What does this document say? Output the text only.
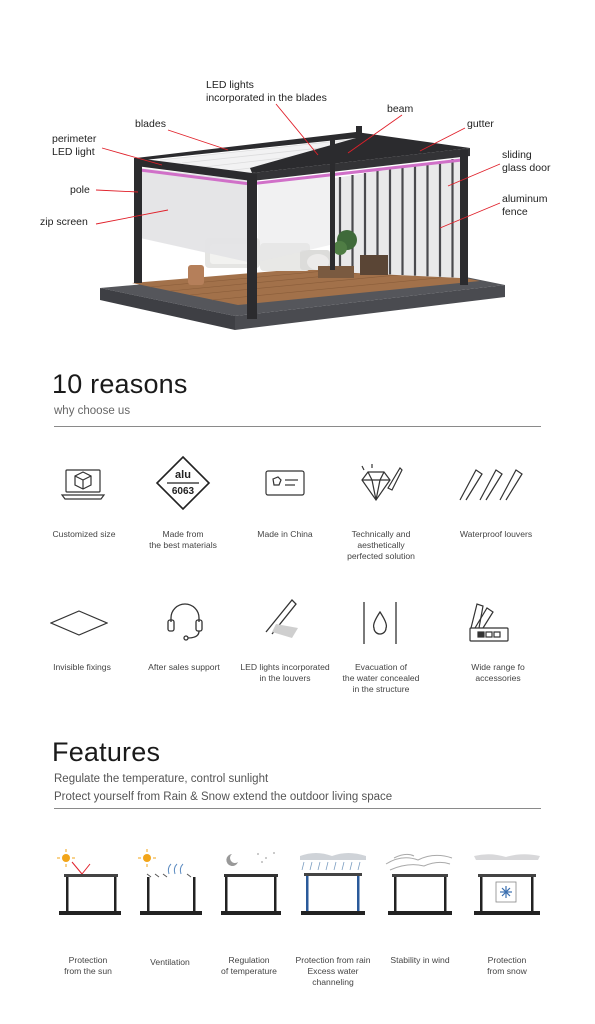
LED lights
incorporated in the blades
beam
blades	gutter
perimeter
LED light	sliding
glass door
pole
aluminum
fence
zip screen
10 reasons
why choose us
alu
6063
Customized size	Made from
the best materials
Made in China	Technically and
aesthetically
perfected solution
Waterproof louvers
Invisible fixings	After sales support	LED lights incorporated
in the louvers
Evacuation of
the water concealed
in the structure
Wide range fo
accessories
Features
Regulate the temperature, control sunlight
Protect yourself from Rain & Snow extend the outdoor living space
Protection
from the sun
Ventilation	Regulation
of temperature
Protection from rain
Excess water
channeling
Stability in wind	Protection
from snow
